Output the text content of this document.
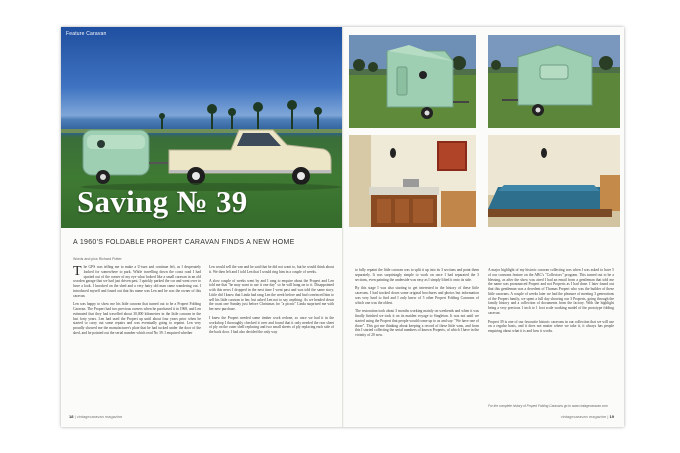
Feature Caravan
Saving № 39
A 1960'S FOLDABLE PROPERT CARAVAN FINDS A NEW HOME
Words and pics Richard Potter

The GPS was telling me to make a U-turn and continue left, as I desperately looked for somewhere to park. While travelling down the coast road I had spotted out of the corner of my eye what looked like a small caravan in an old wooden garage that we had just driven past. I quickly parked the car and went over to have a look. I knocked on the shed and a very hairy old man came wandering out. I introduced myself and found out that his name was Len and he was the owner of this caravan.

Len was happy to show me his little caravan that turned out to be a Propert Folding Caravan. The Propert had two previous owners when he purchased it in 1968, and Len estimated that they had travelled about 30,000 kilometres in the little caravan in the last forty years. Len had used the Propert up until about four years prior when he started to carry out some repairs and was eventually going to repaint. Len very proudly showed me the manufacturer's plate that he had tucked under the door of the shed, and he pointed out the serial number which read No 39. I enquired whether

Len would sell the van and he said that he did not want to, but he would think about it. We then left and I told Len that I would ring him in a couple of weeks.

A slow couple of weeks went by and I rang to enquire about the Propert and Len told me that "he may want to use it one day" so he will hang on to it. Disappointed with this news I dropped in the next time I went past and was told the same story. Little did I know that Linda had rang Len the week before and had convinced him to sell his little caravan to her, but asked Len not to say anything. As we headed down the coast one Sunday just before Christmas for "a picnic" Linda surprised me with her new purchase.

I knew the Propert needed some timber work redone, so once we had it in the workshop I thoroughly checked it over and found that it only needed the rear sheet of ply on the outer shell replacing and two small sheets of ply replacing each side of the back door. I had also decided the only way

18 | vintagecaravan magazine

to fully repaint the little caravan was to split it up into its 3 sections and paint them separately. It was surprisingly simple to work on once I had separated the 3 sections, even painting the underside was easy as I simply lifted it onto its side.

By this stage I was also starting to get interested in the history of these little caravans. I had tracked down some original brochures and photos but information was very hard to find and I only knew of 5 other Propert Folding Caravans of which one was the oldest.

The restoration took about 3 months working mainly on weekends and when it was finally finished we took it on its maiden voyage to Singleton. It was not until we started using the Propert that people would come up to us and say: "We have one of those". This got me thinking about keeping a record of these little vans, and from this I started collecting the serial numbers of known Properts, of which I have in the vicinity of 20 now.

A major highlight of my historic caravan collecting was when I was asked to have 5 of our caravans feature on the ABC's "Collectors" program. This turned out to be a blessing, as after the show was aired I had an email from a gentleman that told me the name was pronounced Propert and not Properts as I had done. I later found out that this gentleman was a decedent of Thomas Propert who was the builder of these little caravans. A couple of weeks later we had the pleasure of meeting 3 generations of the Propert family, we spent a full day showing our 3 Properts, going through the family history and a collection of documents from the factory. With the highlight being a very precious 1 inch to 1 foot scale working model of the prototype folding caravan.

Propert 39 is one of our favourite historic caravans in our collection that we will use on a regular basis, and it does not matter where we take it, it always has people enquiring about what it is and how it works.

For the complete history of Propert Folding Caravans go to www.vintagecaravan.com
vintagecaravan magazine | 19
